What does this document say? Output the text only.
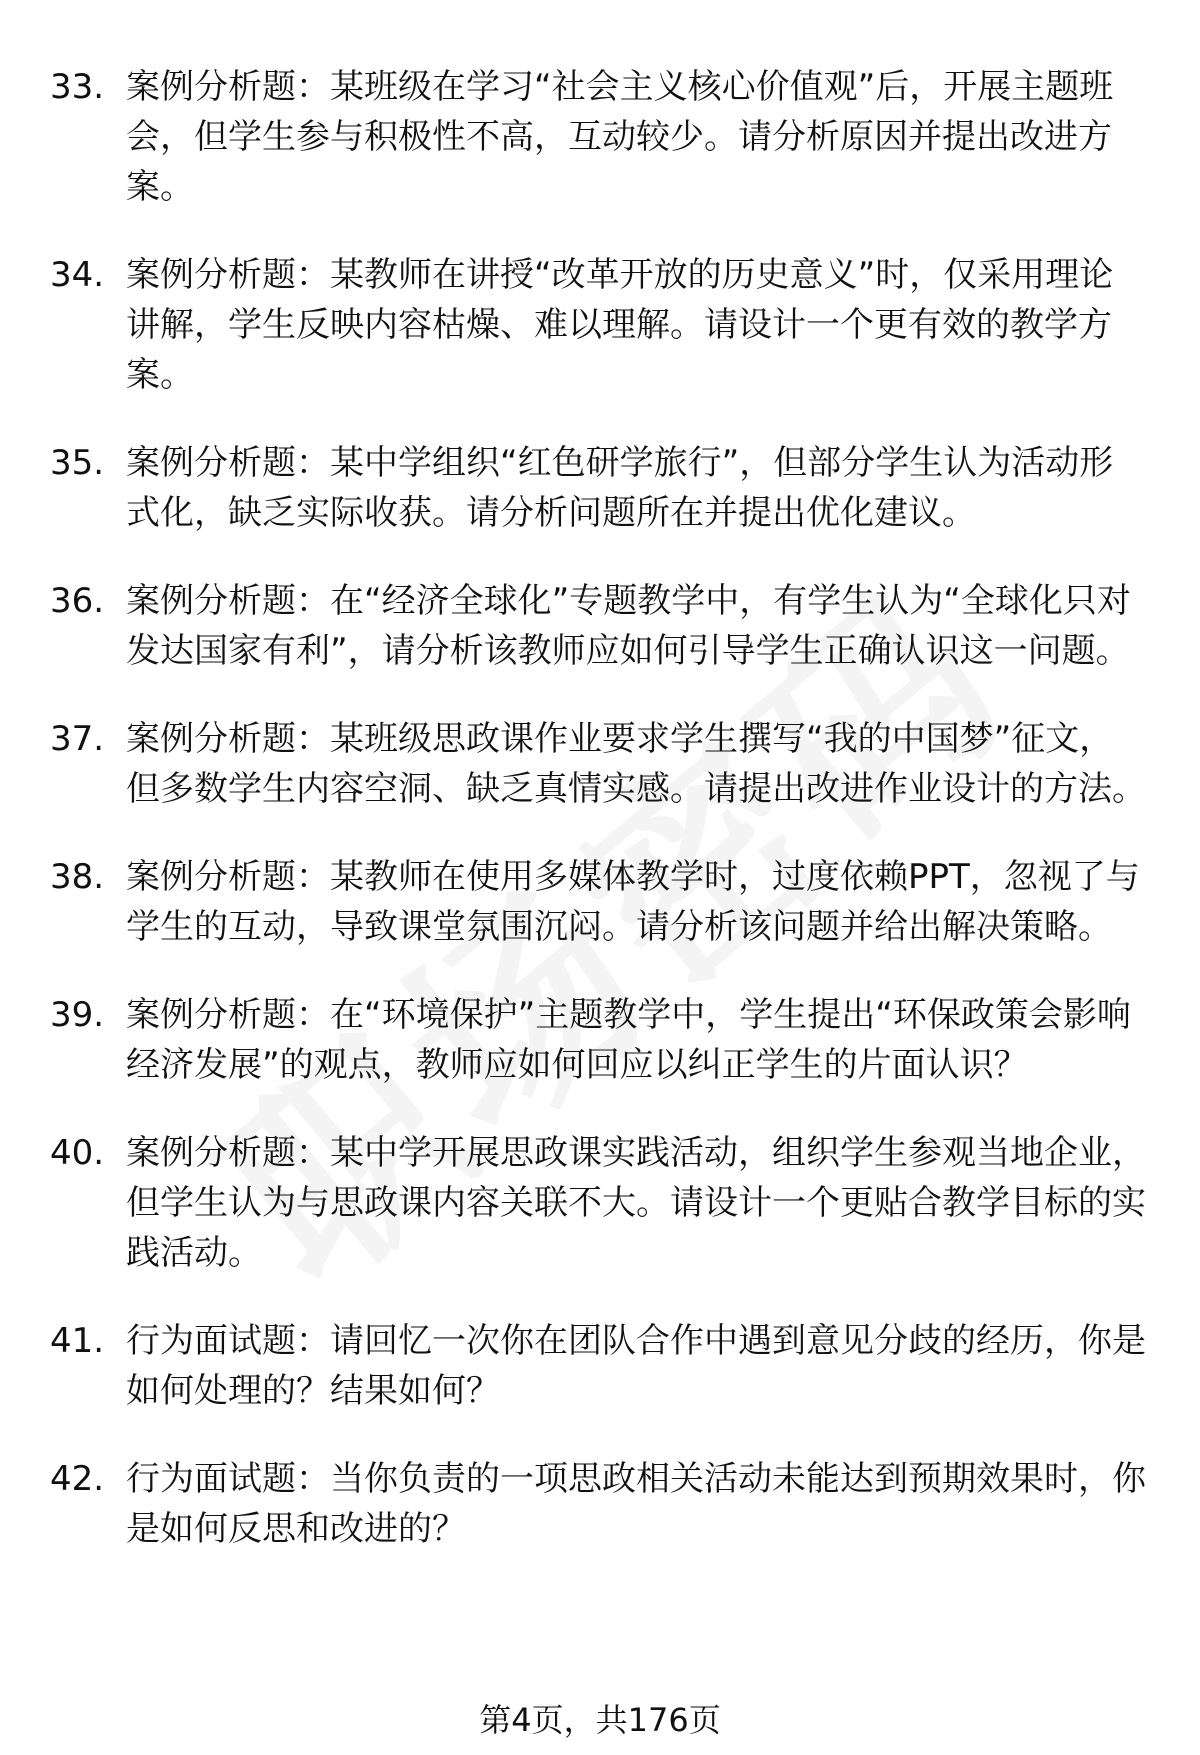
33. 案例分析题：某班级在学习“社会主义核心价值观”后，开展主题班会，但学生参与积极性不高，互动较少。请分析原因并提出改进方案。
34. 案例分析题：某教师在讲授“改革开放的历史意义”时，仅采用理论讲解，学生反映内容枯燥、难以理解。请设计一个更有效的教学方案。
35. 案例分析题：某中学组织“红色研学旅行”，但部分学生认为活动形式化，缺乏实际收获。请分析问题所在并提出优化建议。
36. 案例分析题：在“经济全球化”专题教学中，有学生认为“全球化只对发达国家有利”，请分析该教师应如何引导学生正确认识这一问题。
37. 案例分析题：某班级思政课作业要求学生撰写“我的中国梦”征文，但多数学生内容空洞、缺乏真情实感。请提出改进作业设计的方法。
38. 案例分析题：某教师在使用多媒体教学时，过度依赖PPT，忽视了与学生的互动，导致课堂氛围沉闷。请分析该问题并给出解决策略。
39. 案例分析题：在“环境保护”主题教学中，学生提出“环保政策会影响经济发展”的观点，教师应如何回应以纠正学生的片面认识？
40. 案例分析题：某中学开展思政课实践活动，组织学生参观当地企业，但学生认为与思政课内容关联不大。请设计一个更贴合教学目标的实践活动。
41. 行为面试题：请回忆一次你在团队合作中遇到意见分歧的经历，你是如何处理的？结果如何？
42. 行为面试题：当你负责的一项思政相关活动未能达到预期效果时，你是如何反思和改进的？
第4页，共176页
